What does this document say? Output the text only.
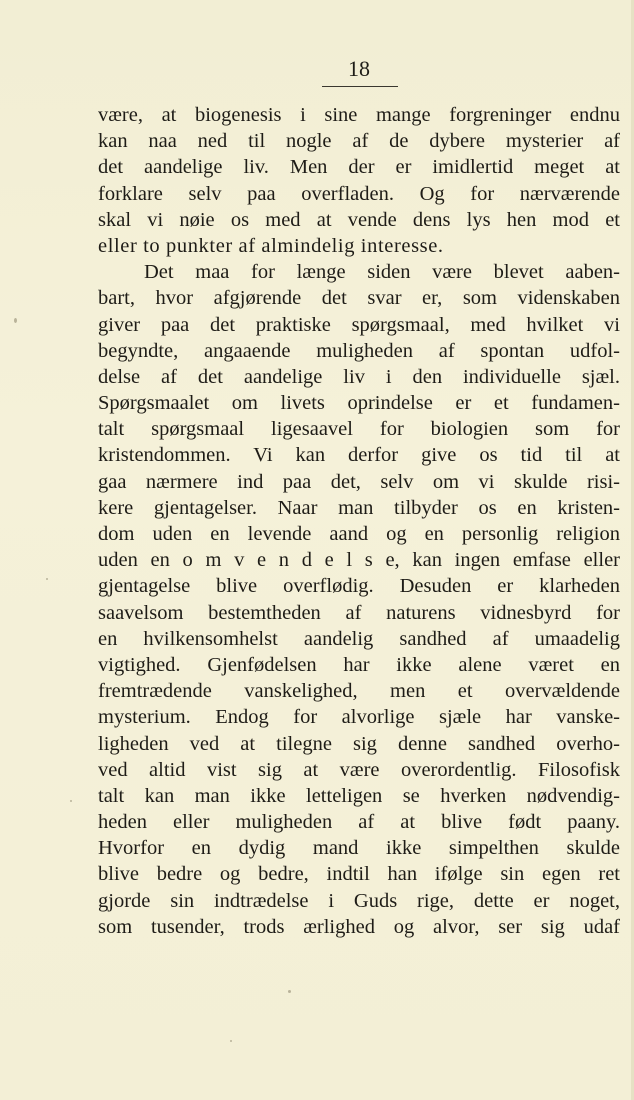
18
være, at biogenesis i sine mange forgreninger endnu
kan naa ned til nogle af de dybere mysterier af
det aandelige liv. Men der er imidlertid meget at
forklare selv paa overfladen. Og for nærværende
skal vi nøie os med at vende dens lys hen mod et
eller to punkter af almindelig interesse.
Det maa for længe siden være blevet aaben-
bart, hvor afgjørende det svar er, som videnskaben
giver paa det praktiske spørgsmaal, med hvilket vi
begyndte, angaaende muligheden af spontan udfol-
delse af det aandelige liv i den individuelle sjæl.
Spørgsmaalet om livets oprindelse er et fundamen-
talt spørgsmaal ligesaavel for biologien som for
kristendommen. Vi kan derfor give os tid til at
gaa nærmere ind paa det, selv om vi skulde risi-
kere gjentagelser. Naar man tilbyder os en kristen-
dom uden en levende aand og en personlig religion
uden en o m v e n d e l s e, kan ingen emfase eller
gjentagelse blive overflødig. Desuden er klarheden
saavelsom bestemtheden af naturens vidnesbyrd for
en hvilkensomhelst aandelig sandhed af umaadelig
vigtighed. Gjenfødelsen har ikke alene været en
fremtrædende vanskelighed, men et overvældende
mysterium. Endog for alvorlige sjæle har vanske-
ligheden ved at tilegne sig denne sandhed overho-
ved altid vist sig at være overordentlig. Filosofisk
talt kan man ikke letteligen se hverken nødvendig-
heden eller muligheden af at blive født paany.
Hvorfor en dydig mand ikke simpelthen skulde
blive bedre og bedre, indtil han ifølge sin egen ret
gjorde sin indtrædelse i Guds rige, dette er noget,
som tusender, trods ærlighed og alvor, ser sig udaf
